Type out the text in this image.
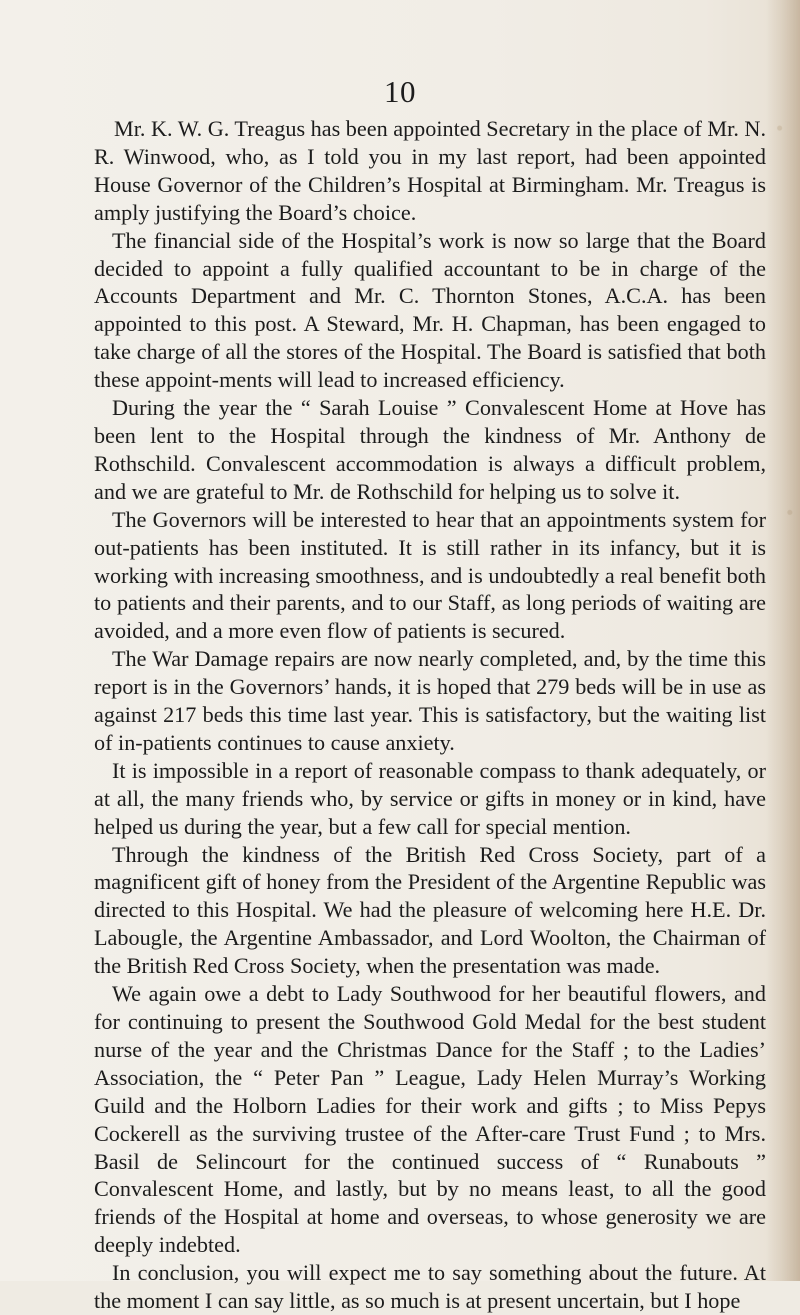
10

Mr. K. W. G. Treagus has been appointed Secretary in the place of Mr. N. R. Winwood, who, as I told you in my last report, had been appointed House Governor of the Children’s Hospital at Birmingham. Mr. Treagus is amply justifying the Board’s choice.

The financial side of the Hospital’s work is now so large that the Board decided to appoint a fully qualified accountant to be in charge of the Accounts Department and Mr. C. Thornton Stones, A.C.A. has been appointed to this post. A Steward, Mr. H. Chapman, has been engaged to take charge of all the stores of the Hospital. The Board is satisfied that both these appoint-ments will lead to increased efficiency.

During the year the “ Sarah Louise ” Convalescent Home at Hove has been lent to the Hospital through the kindness of Mr. Anthony de Rothschild. Convalescent accommodation is always a difficult problem, and we are grateful to Mr. de Rothschild for helping us to solve it.

The Governors will be interested to hear that an appointments system for out-patients has been instituted. It is still rather in its infancy, but it is working with increasing smoothness, and is undoubtedly a real benefit both to patients and their parents, and to our Staff, as long periods of waiting are avoided, and a more even flow of patients is secured.

The War Damage repairs are now nearly completed, and, by the time this report is in the Governors’ hands, it is hoped that 279 beds will be in use as against 217 beds this time last year. This is satisfactory, but the waiting list of in-patients continues to cause anxiety.

It is impossible in a report of reasonable compass to thank adequately, or at all, the many friends who, by service or gifts in money or in kind, have helped us during the year, but a few call for special mention.

Through the kindness of the British Red Cross Society, part of a magnificent gift of honey from the President of the Argentine Republic was directed to this Hospital. We had the pleasure of welcoming here H.E. Dr. Labougle, the Argentine Ambassador, and Lord Woolton, the Chairman of the British Red Cross Society, when the presentation was made.

We again owe a debt to Lady Southwood for her beautiful flowers, and for continuing to present the Southwood Gold Medal for the best student nurse of the year and the Christmas Dance for the Staff ; to the Ladies’ Association, the “ Peter Pan ” League, Lady Helen Murray’s Working Guild and the Holborn Ladies for their work and gifts ; to Miss Pepys Cockerell as the surviving trustee of the After-care Trust Fund ; to Mrs. Basil de Selincourt for the continued success of “ Runabouts ” Convalescent Home, and lastly, but by no means least, to all the good friends of the Hospital at home and overseas, to whose generosity we are deeply indebted.

In conclusion, you will expect me to say something about the future. At the moment I can say little, as so much is at present uncertain, but I hope
